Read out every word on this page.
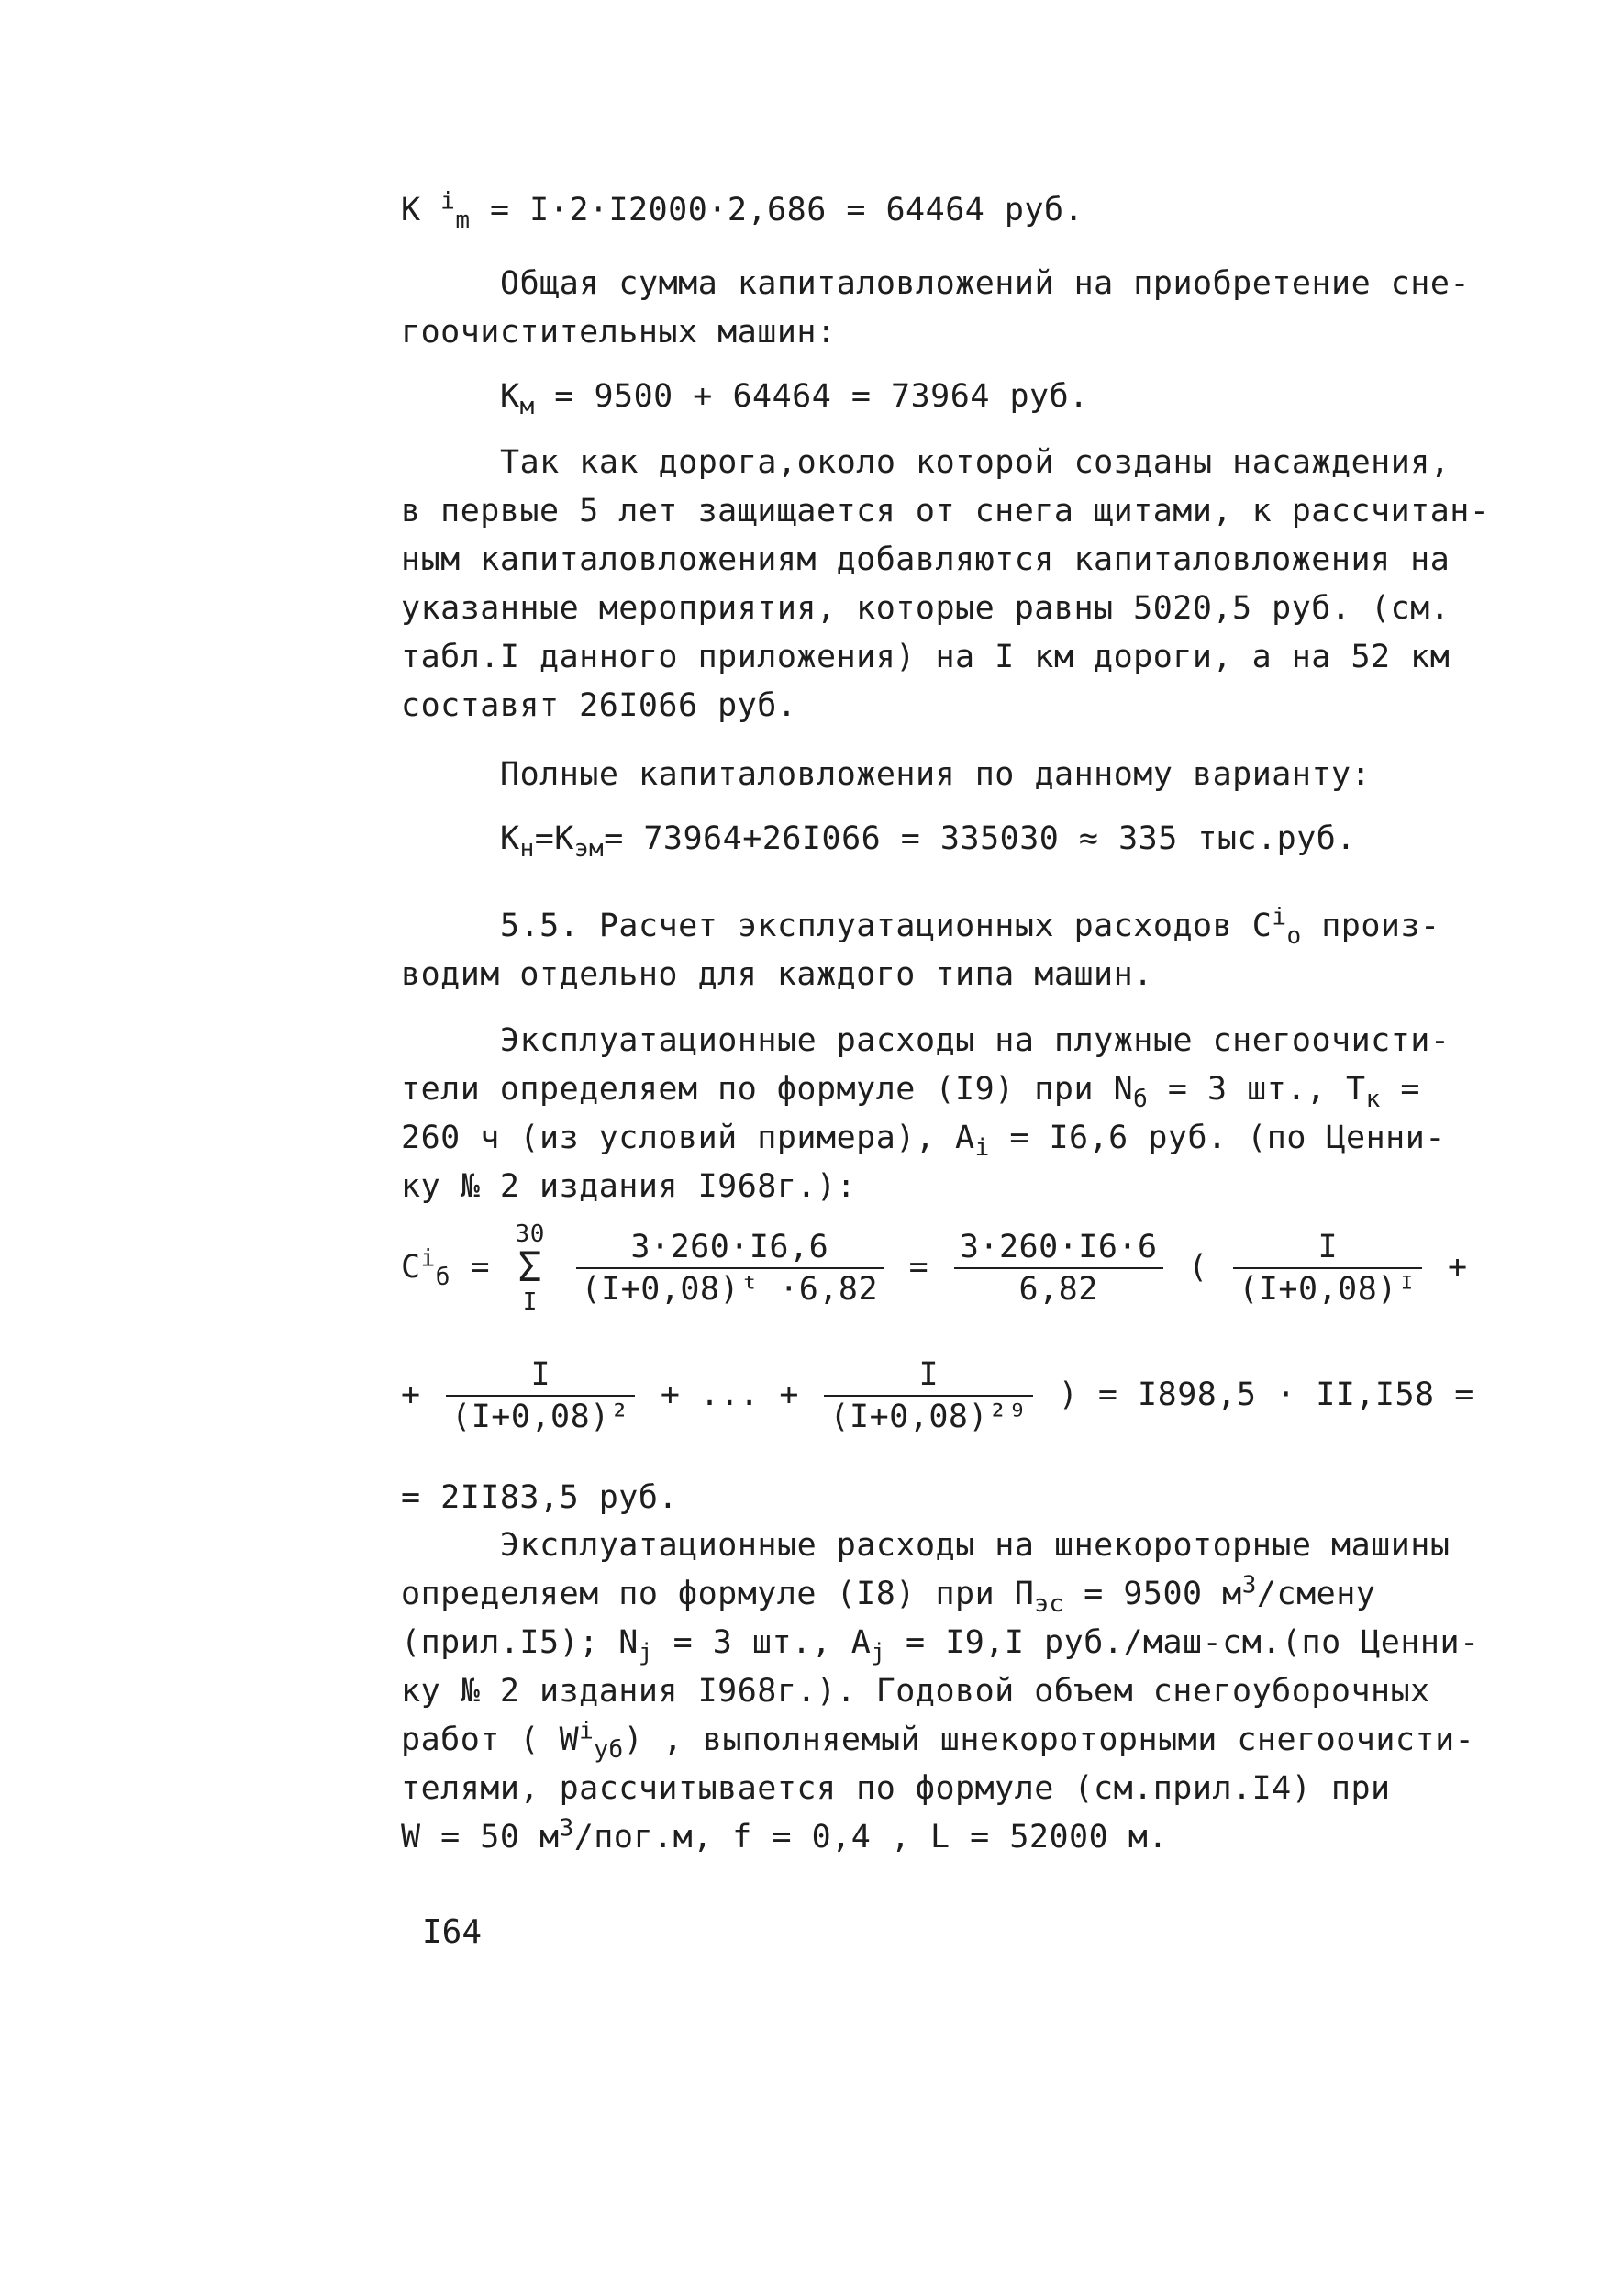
К $^i_m$ = I·2·I2000·2,686 = 64464 руб.
Общая сумма капиталовложений на приобретение сне-
гоочистительных машин:
$К_м = 9500 + 64464 = 73964$ руб.
Так как дорога,около которой созданы насаждения,
в первые 5 лет защищается от снега щитами, к рассчитан-
ным капиталовложениям добавляются капиталовложения на
указанные мероприятия, которые равны 5020,5 руб. (см.
табл.I данного приложения) на I км дороги, а на 52 км
составят 26I066 руб.
Полные капиталовложения по данному варианту:
$К_н=К_{эм}= 73964+26I066 = 335030 \approx 335$ тыс.руб.
5.5. Расчет эксплуатационных расходов $С^i_о$ произ-
водим отдельно для каждого типа машин.
Эксплуатационные расходы на плужные снегоочисти-
тели определяем по формуле (I9) при $N_б = 3$ шт., $Т_к$ =
260 ч (из условий примера), $А_i = I6,6$ руб. (по Ценни-
ку № 2 издания I968г.):
$С^i_б$ =
30
Σ
I
$\frac{3\cdot 260\cdot I6,6}{\text{(I+0,08)ᵗ ·6,82}} = \frac{3\cdot 260\cdot I6\cdot 6}{6,82}$ ( $\frac{I}{\text{(I+0,08)ᴵ}}$ +
+ $\frac{I}{\text{(I+0,08)²}}$ + ... + $\frac{I}{\text{(I+0,08)²⁹}}$ ) = I898,5 · II,I58 =
= 2II83,5 руб.
Эксплуатационные расходы на шнекороторные машины
определяем по формуле (I8) при $П_{эс} = 9500$ $м^3$/смену
(прил.I5); $N_j = 3$ шт., $А_j = I9,I$ руб./маш-см.(по Ценни-
ку № 2 издания I968г.). Годовой объем снегоуборочных
работ ( $W^i_{уб}$) , выполняемый шнекороторными снегоочисти-
телями, рассчитывается по формуле (см.прил.I4) при
W = 50 $м^3/пог.м$, f = 0,4 , L = 52000 м.
I64
